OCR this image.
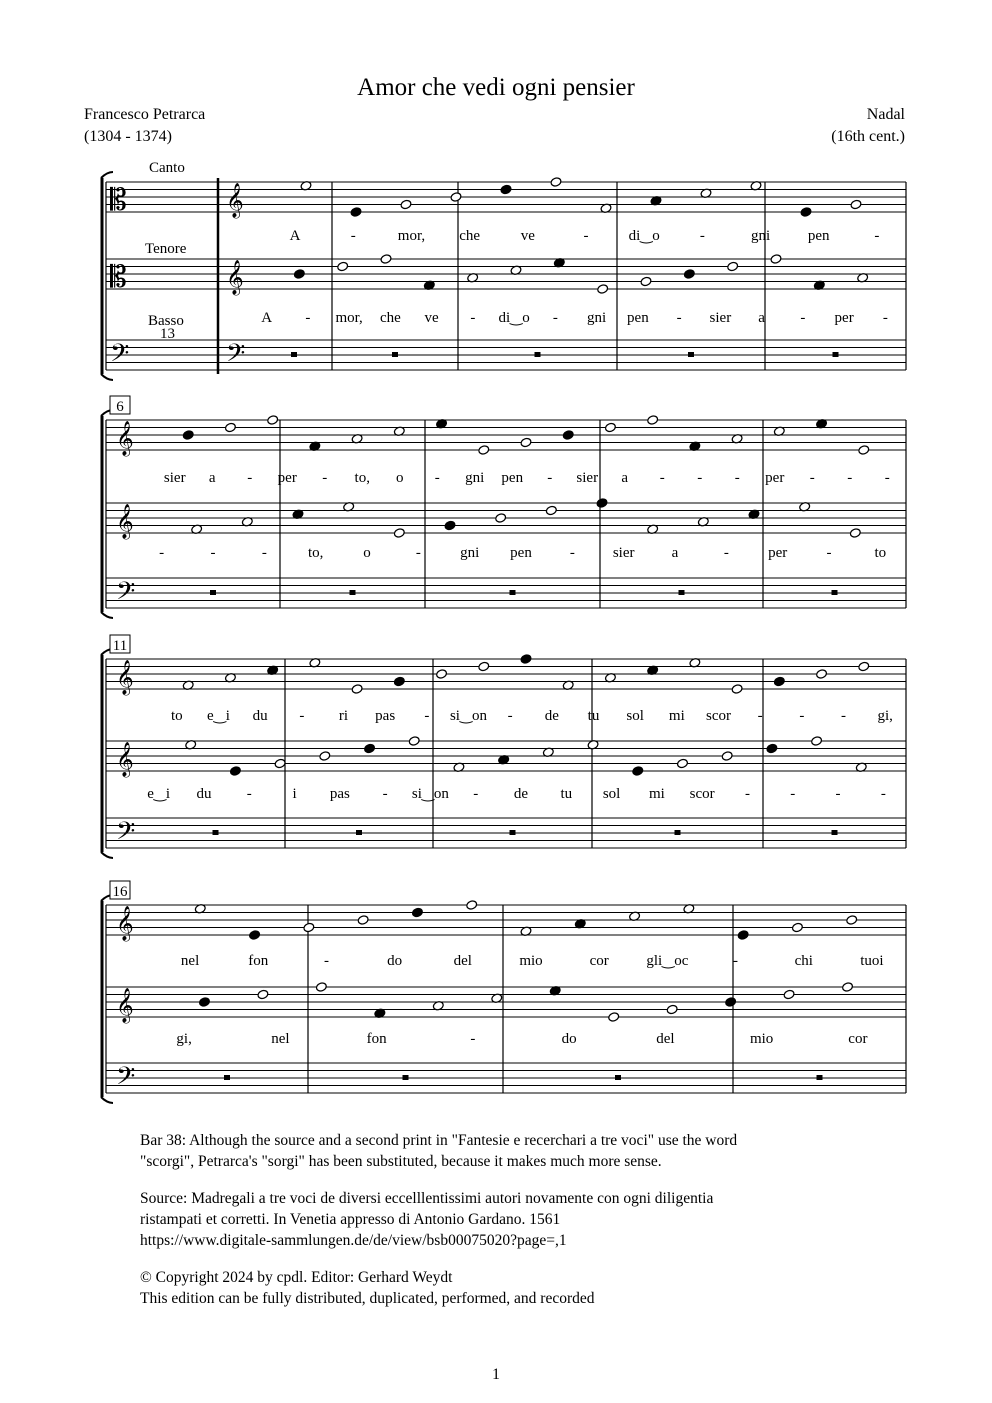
Amor che vedi ogni pensier
Francesco Petrarca
(1304 - 1374)
Nadal
(16th cent.)
Canto
Tenore
Basso
𝄡
𝄡
𝄢
13
𝄞
𝄞
𝄢
A	-	mor, che	ve	-	di‿o	-	gni	pen	-
A - mor, che ve - di‿o - gni pen - sier a - per -
6
𝄞
𝄞
𝄢
sier a - per - to, o - gni pen - sier a - - - per - - -
-	-	-	to,	o	-	gni pen	-	sier a	-	per	-	to
11
𝄞
𝄞
𝄢
to e‿i du - ri pas - si‿on - de tu sol mi scor - - - gi,
e‿i du -	i pas - si‿on - de tu sol mi scor -	-	-	-
16
𝄞
𝄞
𝄢
nel	fon	-	do	del	mio	cor	gli‿oc	-	chi	tuoi
gi,	nel	fon	-	do	del	mio	cor

Bar 38: Although the source and a second print in "Fantesie e recerchari a tre voci" use the word
"scorgi", Petrarca's "sorgi" has been substituted, because it makes much more sense.

Source: Madregali a tre voci de diversi eccelllentissimi autori novamente con ogni diligentia
ristampati et corretti. In Venetia appresso di Antonio Gardano. 1561
https://www.digitale-sammlungen.de/de/view/bsb00075020?page=,1

© Copyright 2024 by cpdl. Editor: Gerhard Weydt
This edition can be fully distributed, duplicated, performed, and recorded

1
